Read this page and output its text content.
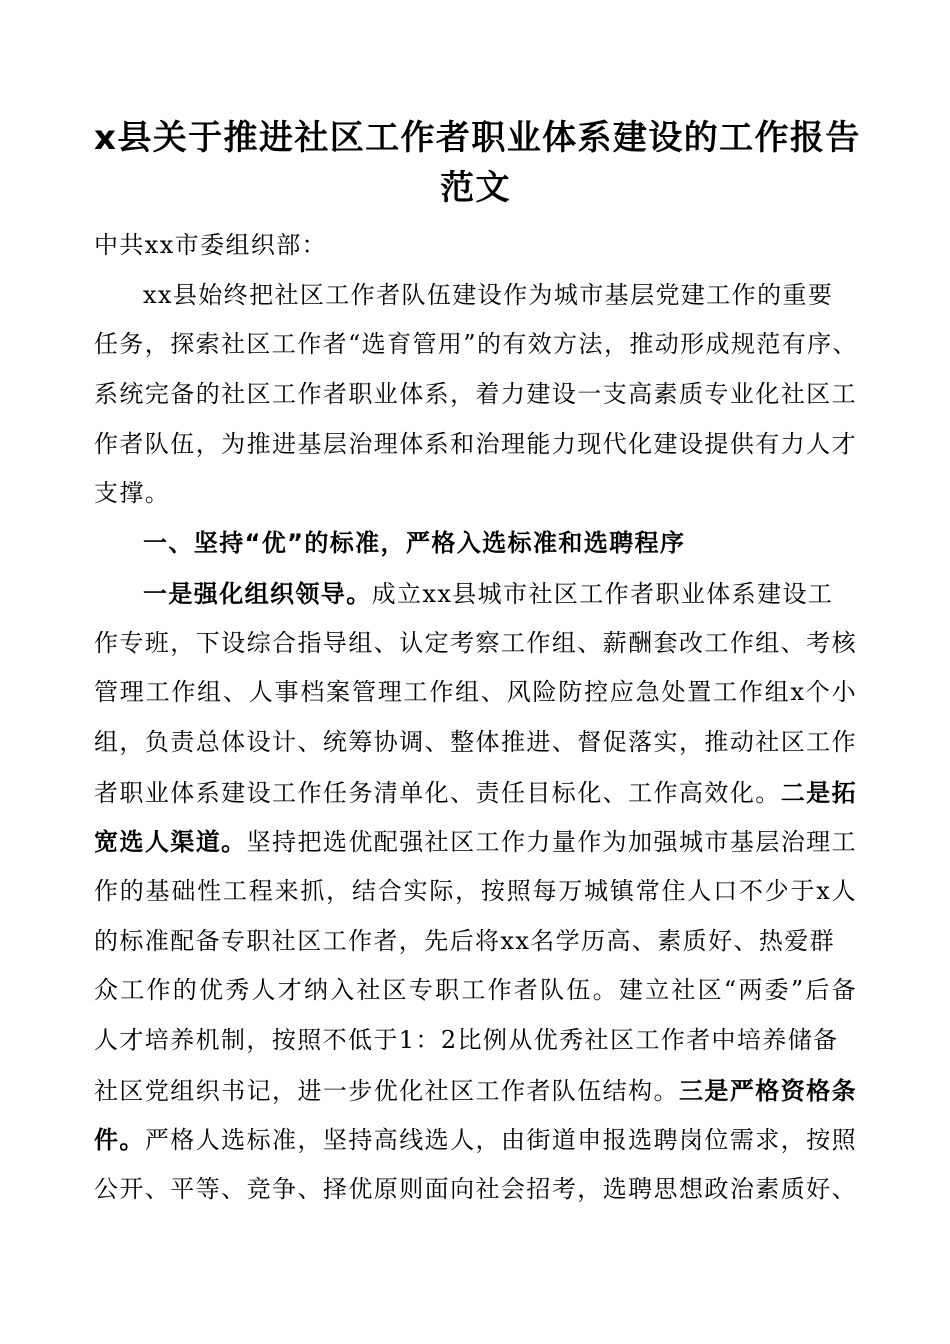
x县关于推进社区工作者职业体系建设的工作报告
范文
中共xx市委组织部：
xx县始终把社区工作者队伍建设作为城市基层党建工作的重要
任务，探索社区工作者“选育管用”的有效方法，推动形成规范有序、
系统完备的社区工作者职业体系，着力建设一支高素质专业化社区工
作者队伍，为推进基层治理体系和治理能力现代化建设提供有力人才
支撑。
一、坚持“优”的标准，严格入选标准和选聘程序
一是强化组织领导。成立xx县城市社区工作者职业体系建设工
作专班，下设综合指导组、认定考察工作组、薪酬套改工作组、考核
管理工作组、人事档案管理工作组、风险防控应急处置工作组x个小
组，负责总体设计、统筹协调、整体推进、督促落实，推动社区工作
者职业体系建设工作任务清单化、责任目标化、工作高效化。二是拓
宽选人渠道。坚持把选优配强社区工作力量作为加强城市基层治理工
作的基础性工程来抓，结合实际，按照每万城镇常住人口不少于x人
的标准配备专职社区工作者，先后将xx名学历高、素质好、热爱群
众工作的优秀人才纳入社区专职工作者队伍。建立社区“两委”后备
人才培养机制，按照不低于1：2比例从优秀社区工作者中培养储备
社区党组织书记，进一步优化社区工作者队伍结构。三是严格资格条
件。严格人选标准，坚持高线选人，由街道申报选聘岗位需求，按照
公开、平等、竞争、择优原则面向社会招考，选聘思想政治素质好、
